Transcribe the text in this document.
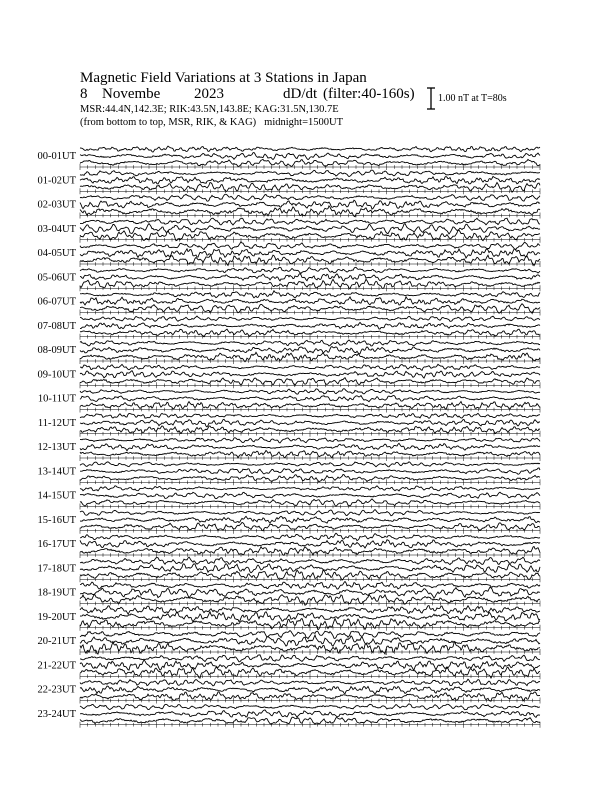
Magnetic Field Variations at 3 Stations in Japan
8 Novembe 2023	dD/dt (filter:40-160s)
MSR:44.4N,142.3E; RIK:43.5N,143.8E; KAG:31.5N,130.7E
(from bottom to top, MSR, RIK, & KAG) midnight=1500UT
1.00 nT at T=80s
00-01UT
01-02UT
02-03UT
03-04UT
04-05UT
05-06UT
06-07UT
07-08UT
08-09UT
09-10UT
10-11UT
11-12UT
12-13UT
13-14UT
14-15UT
15-16UT
16-17UT
17-18UT
18-19UT
19-20UT
20-21UT
21-22UT
22-23UT
23-24UT
